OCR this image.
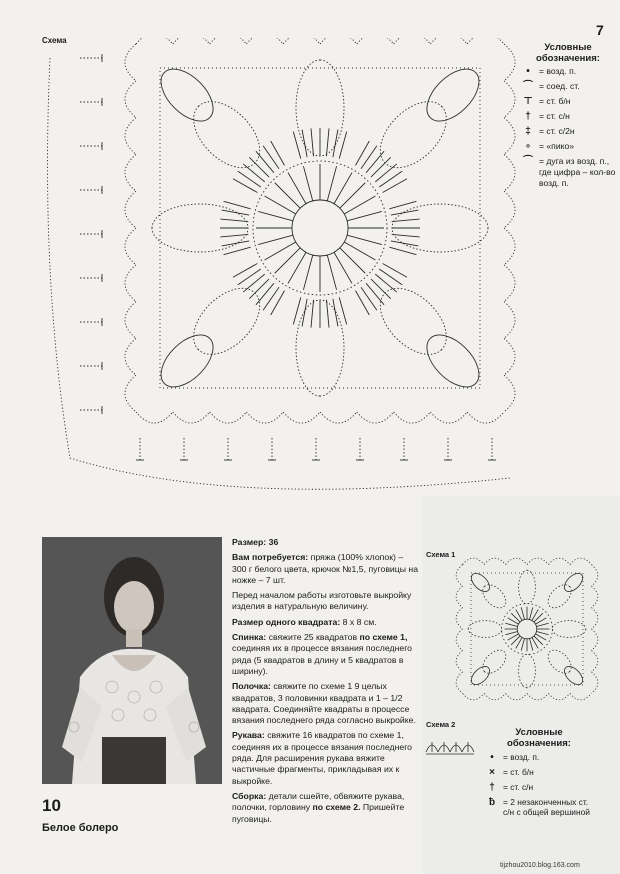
7
Схема
Условные
обозначения:
•	= возд. п.
⌒ = соед. ст.
⊤ = ст. б/н
† = ст. с/н
‡ = ст. с/2н
∘ = «пико»
⌒ = дуга из возд. п., где цифра – кол-во возд. п.
10
Белое болеро

Размер: 36

Вам потребуется: пряжа (100% хлопок) – 300 г белого цвета, крючок №1,5, пуговицы на ножке – 7 шт.

Перед началом работы изготовьте выкройку изделия в натуральную величину.

Размер одного квадрата: 8 x 8 см.

Спинка: свяжите 25 квадратов по схеме 1, соединяя их в процессе вязания последнего ряда (5 квадратов в длину и 5 квадратов в ширину).

Полочка: свяжите по схеме 1 9 целых квадратов, 3 половинки квадрата и 1 – 1/2 квадрата. Соединяйте квадраты в процессе вязания последнего ряда согласно выкройке.

Рукава: свяжите 16 квадратов по схеме 1, соединяя их в процессе вязания последнего ряда. Для расширения рукава вяжите частичные фрагменты, прикладывая их к выкройке.

Сборка: детали сшейте, обвяжите рукава, полочки, горловину по схеме 2. Пришейте пуговицы.

Схема 1
Схема 2
Условные
обозначения:
•	= возд. п.
× = ст. б/н
† = ст. с/н
ƀ = 2 незаконченных ст. с/н с общей вершиной
tijzhou2010.blog.163.com
